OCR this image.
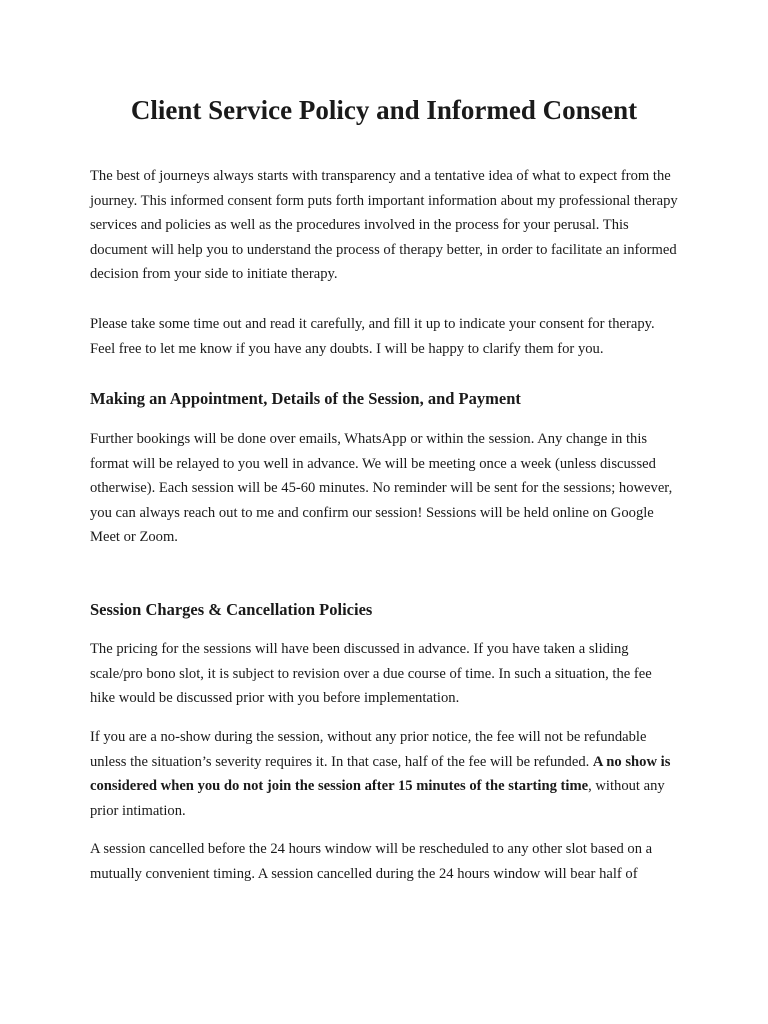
Client Service Policy and Informed Consent

The best of journeys always starts with transparency and a tentative idea of what to expect from the journey. This informed consent form puts forth important information about my professional therapy services and policies as well as the procedures involved in the process for your perusal. This document will help you to understand the process of therapy better, in order to facilitate an informed decision from your side to initiate therapy.

Please take some time out and read it carefully, and fill it up to indicate your consent for therapy. Feel free to let me know if you have any doubts. I will be happy to clarify them for you.

Making an Appointment, Details of the Session, and Payment

Further bookings will be done over emails, WhatsApp or within the session. Any change in this format will be relayed to you well in advance. We will be meeting once a week (unless discussed otherwise). Each session will be 45-60 minutes. No reminder will be sent for the sessions; however, you can always reach out to me and confirm our session! Sessions will be held online on Google Meet or Zoom.

Session Charges & Cancellation Policies

The pricing for the sessions will have been discussed in advance. If you have taken a sliding scale/pro bono slot, it is subject to revision over a due course of time. In such a situation, the fee hike would be discussed prior with you before implementation.

If you are a no-show during the session, without any prior notice, the fee will not be refundable unless the situation’s severity requires it. In that case, half of the fee will be refunded. A no show is considered when you do not join the session after 15 minutes of the starting time, without any prior intimation.

A session cancelled before the 24 hours window will be rescheduled to any other slot based on a mutually convenient timing. A session cancelled during the 24 hours window will bear half of
